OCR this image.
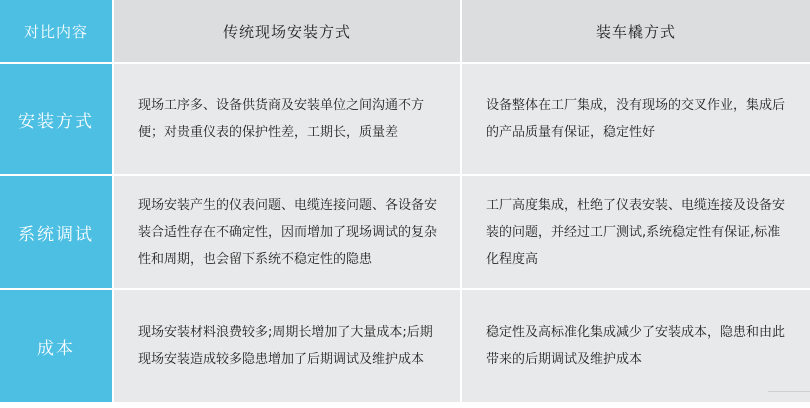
对比内容	传统现场安装方式	装车橇方式
安装方式
现场工序多、设备供货商及安装单位之间沟通不方便；对贵重仪表的保护性差，工期长，质量差
设备整体在工厂集成，没有现场的交叉作业，集成后的产品质量有保证，稳定性好
系统调试
现场安装产生的仪表问题、电缆连接问题、各设备安装合适性存在不确定性，因而增加了现场调试的复杂性和周期，也会留下系统不稳定性的隐患
工厂高度集成，杜绝了仪表安装、电缆连接及设备安装的问题，并经过工厂测试,系统稳定性有保证,标准化程度高
成本
现场安装材料浪费较多;周期长增加了大量成本;后期现场安装造成较多隐患增加了后期调试及维护成本
稳定性及高标准化集成减少了安装成本，隐患和由此带来的后期调试及维护成本
